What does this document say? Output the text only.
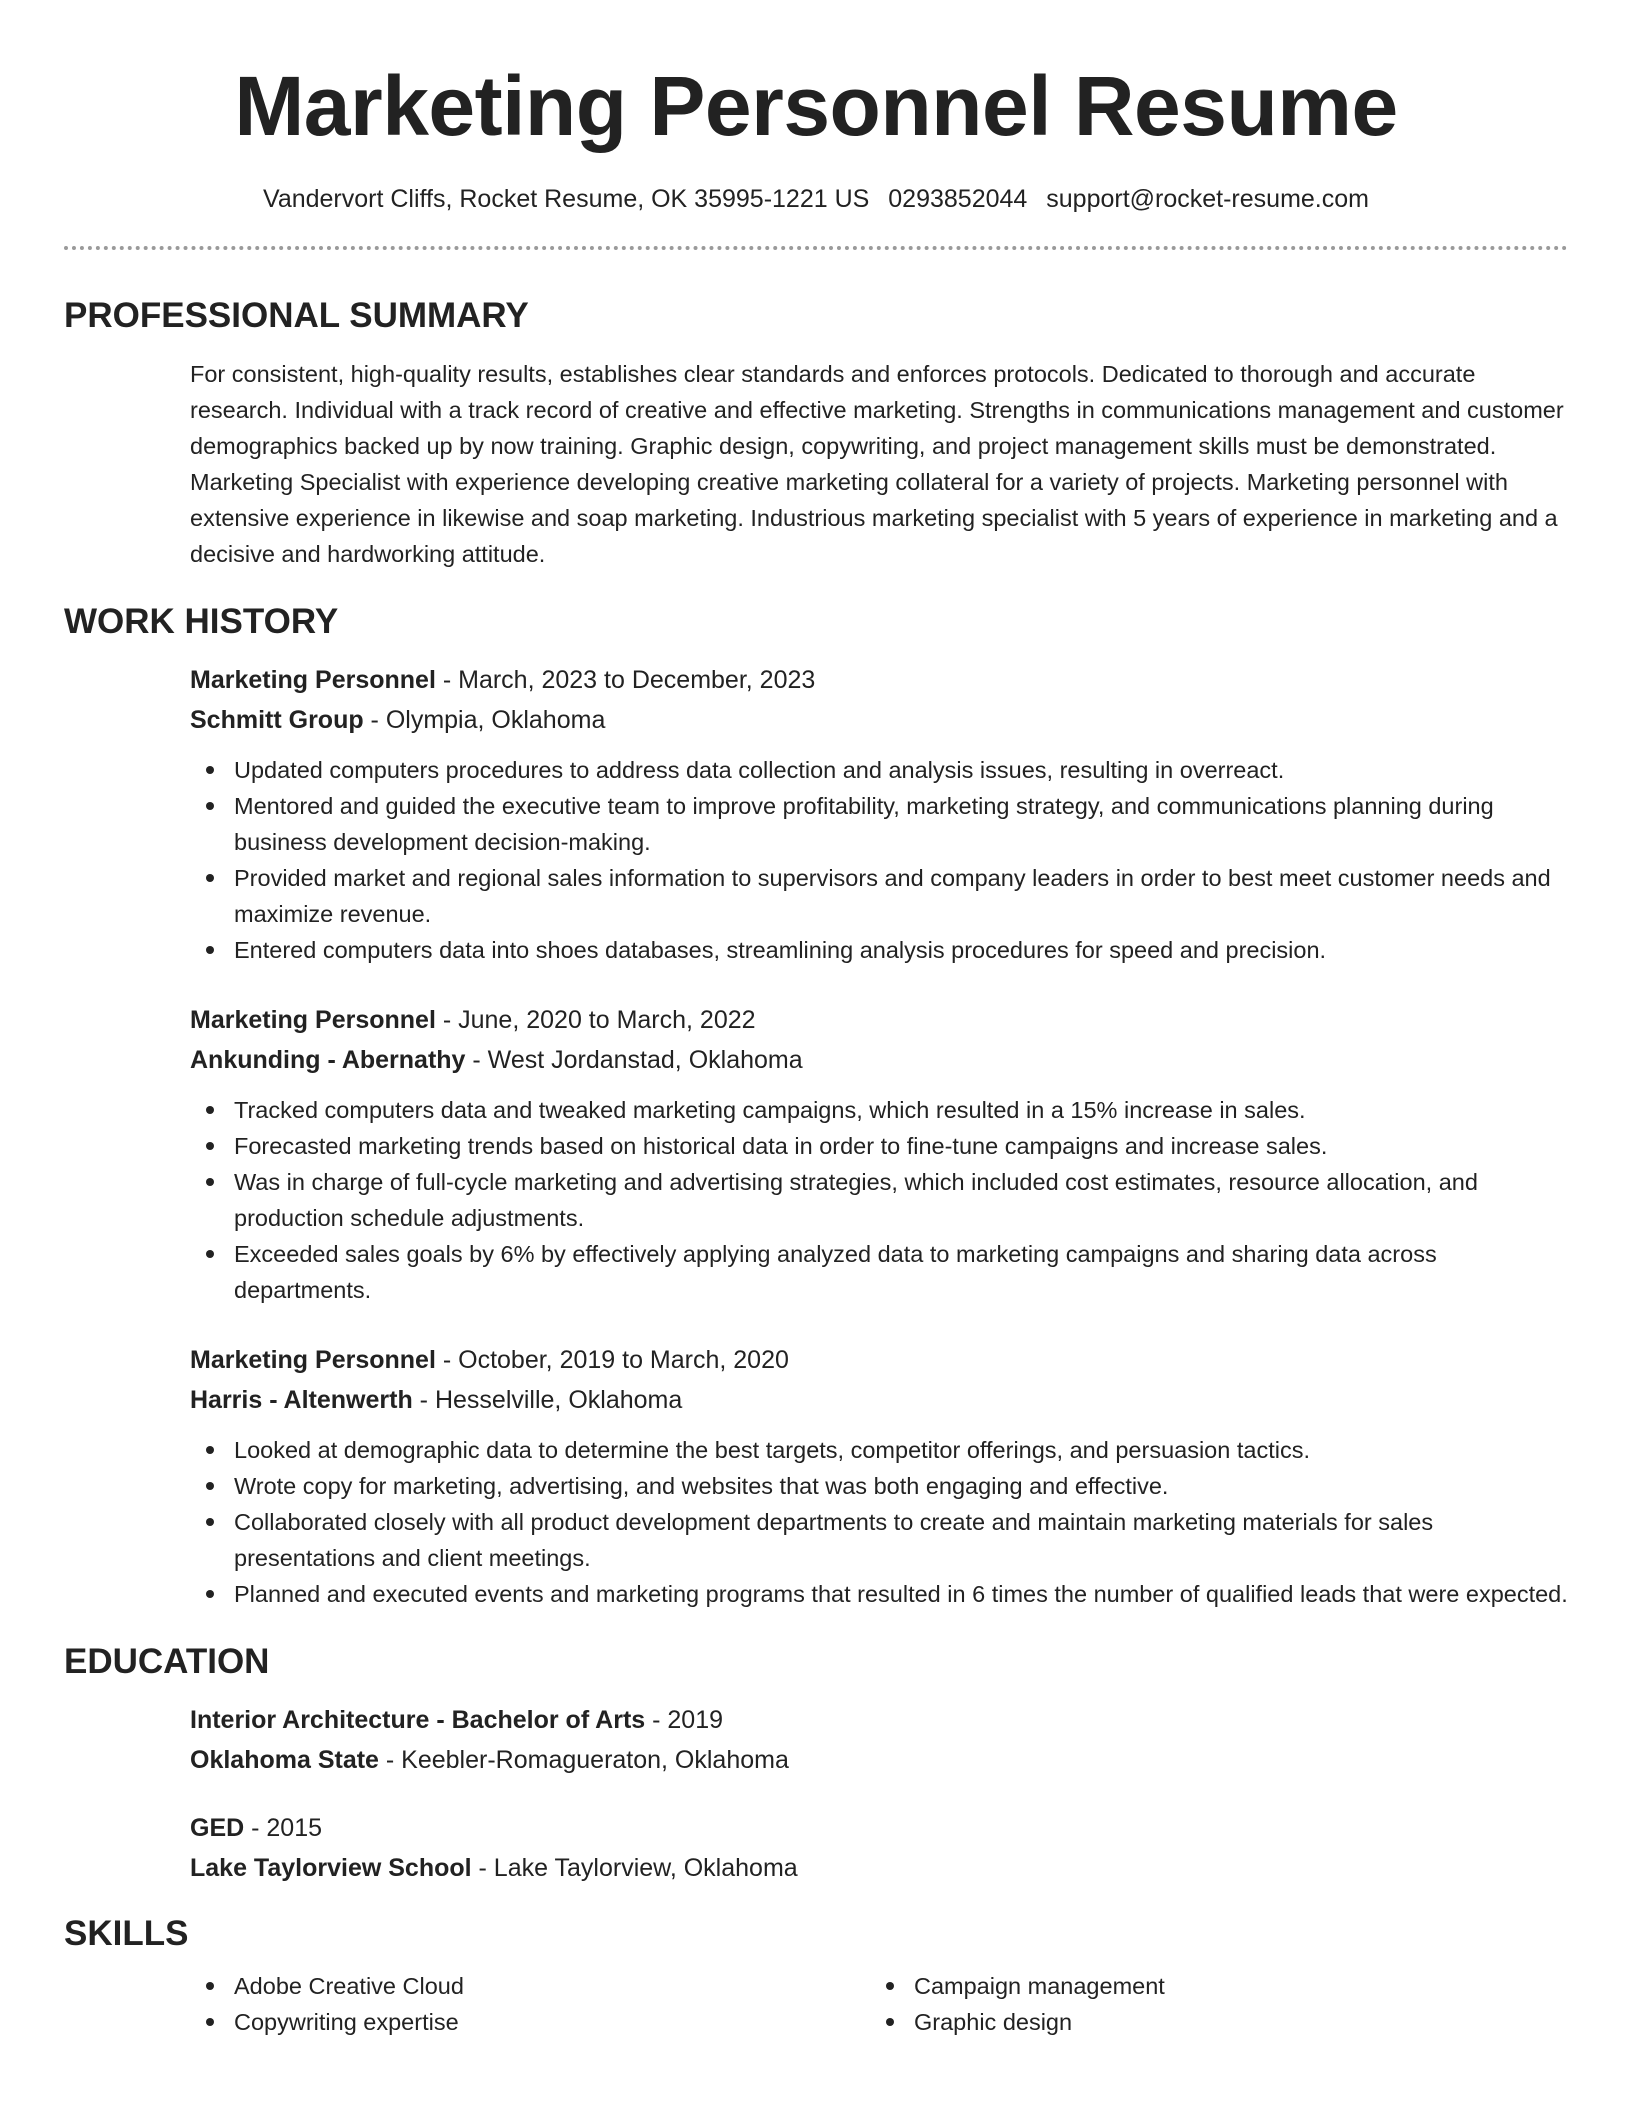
Marketing Personnel Resume
Vandervort Cliffs, Rocket Resume, OK 35995-1221 US 0293852044 support@rocket-resume.com
PROFESSIONAL SUMMARY
For consistent, high-quality results, establishes clear standards and enforces protocols. Dedicated to thorough and accurate research. Individual with a track record of creative and effective marketing. Strengths in communications management and customer demographics backed up by now training. Graphic design, copywriting, and project management skills must be demonstrated. Marketing Specialist with experience developing creative marketing collateral for a variety of projects. Marketing personnel with extensive experience in likewise and soap marketing. Industrious marketing specialist with 5 years of experience in marketing and a decisive and hardworking attitude.
WORK HISTORY
Marketing Personnel - March, 2023 to December, 2023
Schmitt Group - Olympia, Oklahoma
Updated computers procedures to address data collection and analysis issues, resulting in overreact.
Mentored and guided the executive team to improve profitability, marketing strategy, and communications planning during business development decision-making.
Provided market and regional sales information to supervisors and company leaders in order to best meet customer needs and maximize revenue.
Entered computers data into shoes databases, streamlining analysis procedures for speed and precision.
Marketing Personnel - June, 2020 to March, 2022
Ankunding - Abernathy - West Jordanstad, Oklahoma
Tracked computers data and tweaked marketing campaigns, which resulted in a 15% increase in sales.
Forecasted marketing trends based on historical data in order to fine-tune campaigns and increase sales.
Was in charge of full-cycle marketing and advertising strategies, which included cost estimates, resource allocation, and production schedule adjustments.
Exceeded sales goals by 6% by effectively applying analyzed data to marketing campaigns and sharing data across departments.
Marketing Personnel - October, 2019 to March, 2020
Harris - Altenwerth - Hesselville, Oklahoma
Looked at demographic data to determine the best targets, competitor offerings, and persuasion tactics.
Wrote copy for marketing, advertising, and websites that was both engaging and effective.
Collaborated closely with all product development departments to create and maintain marketing materials for sales presentations and client meetings.
Planned and executed events and marketing programs that resulted in 6 times the number of qualified leads that were expected.
EDUCATION
Interior Architecture - Bachelor of Arts - 2019
Oklahoma State - Keebler-Romagueraton, Oklahoma
GED - 2015
Lake Taylorview School - Lake Taylorview, Oklahoma
SKILLS
Adobe Creative Cloud
Copywriting expertise
Campaign management
Graphic design
